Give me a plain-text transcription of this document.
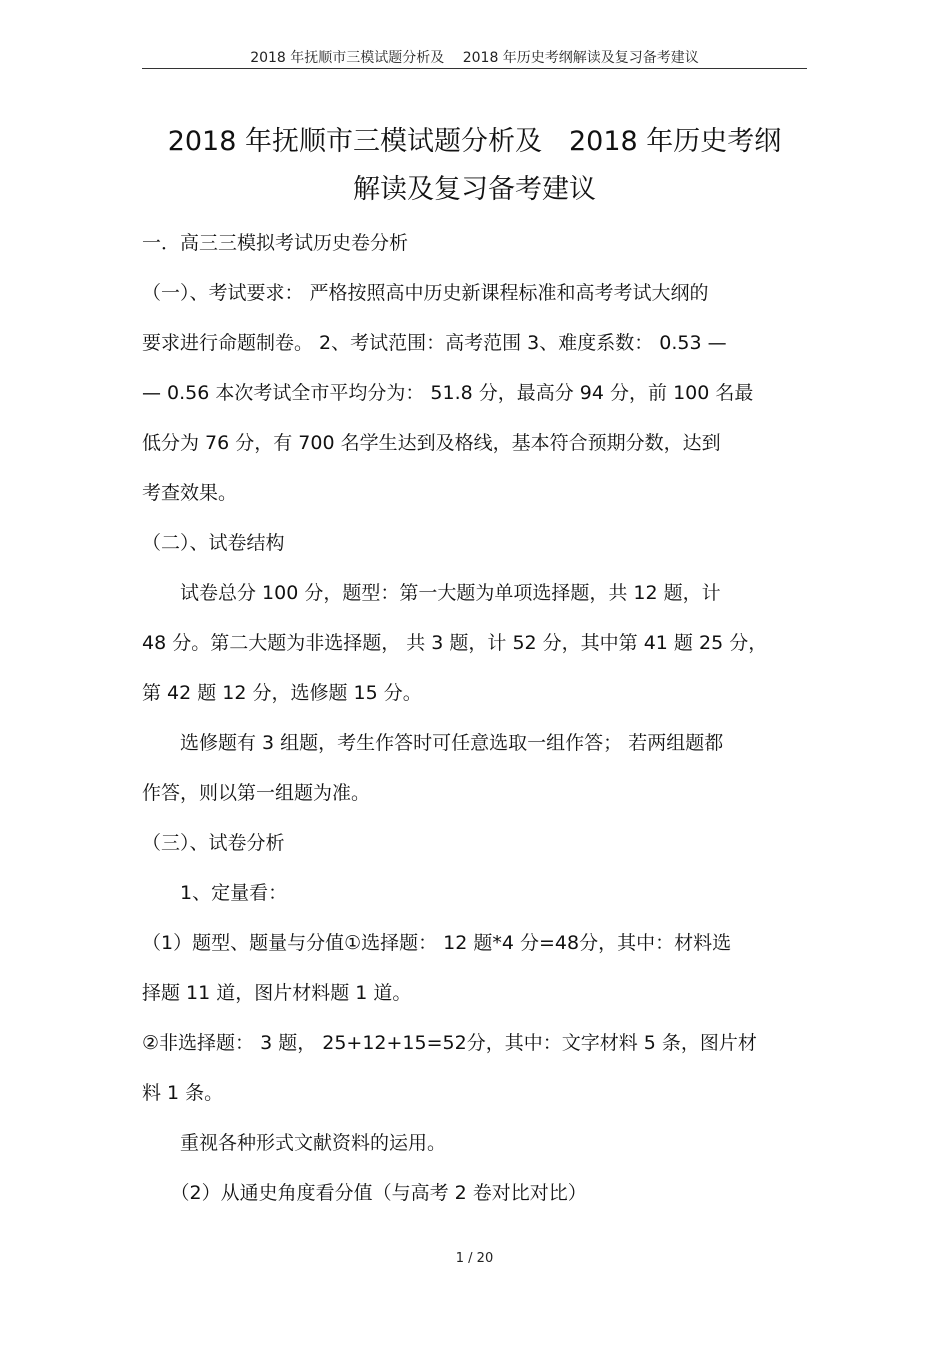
2018 年抚顺市三模试题分析及　 2018 年历史考纲解读及复习备考建议
2018 年抚顺市三模试题分析及　2018 年历史考纲
解读及复习备考建议
一．高三三模拟考试历史卷分析
（一）、考试要求： 严格按照高中历史新课程标准和高考考试大纲的
要求进行命题制卷。 2、考试范围：高考范围 3、难度系数： 0.53 —
— 0.56 本次考试全市平均分为： 51.8 分，最高分 94 分，前 100 名最
低分为 76 分，有 700 名学生达到及格线，基本符合预期分数，达到
考查效果。
（二）、试卷结构
　　试卷总分 100 分，题型：第一大题为单项选择题，共 12 题，计
48 分。第二大题为非选择题， 共 3 题，计 52 分，其中第 41 题 25 分，
第 42 题 12 分，选修题 15 分。
　　选修题有 3 组题，考生作答时可任意选取一组作答； 若两组题都
作答，则以第一组题为准。
（三）、试卷分析
　　1、定量看：
（1）题型、题量与分值①选择题： 12 题*4 分=48分，其中：材料选
择题 11 道，图片材料题 1 道。
②非选择题： 3 题， 25+12+15=52分，其中：文字材料 5 条，图片材
料 1 条。
　　重视各种形式文献资料的运用。
　　（2）从通史角度看分值（与高考 2 卷对比对比）
1 / 20
